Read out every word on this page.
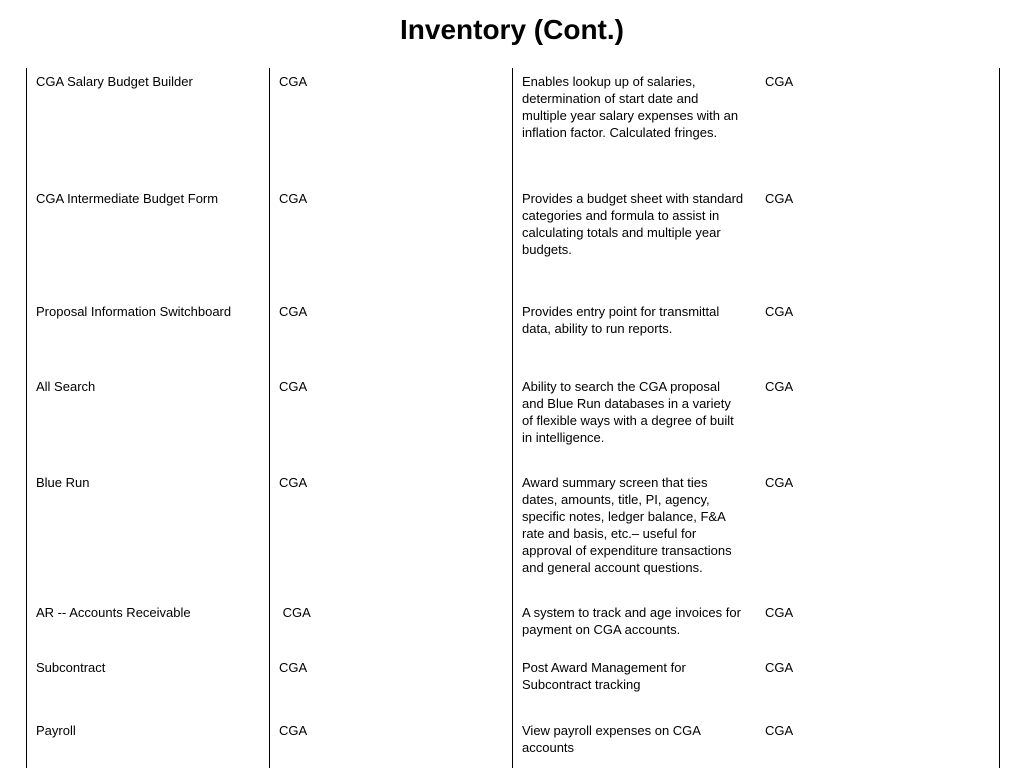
Inventory (Cont.)
CGA Salary Budget Builder	CGA	Enables lookup up of salaries, determination of start date and multiple year salary expenses with an inflation factor. Calculated fringes.	CGA
CGA Intermediate Budget Form	CGA	Provides a budget sheet with standard categories and formula to assist in calculating totals and multiple year budgets.	CGA
Proposal Information Switchboard	CGA	Provides entry point for transmittal data, ability to run reports.	CGA
All Search	CGA	Ability to search the CGA proposal and Blue Run databases in a variety of flexible ways with a degree of built in intelligence.	CGA
Blue Run	CGA	Award summary screen that ties dates, amounts, title, PI, agency, specific notes, ledger balance, F&A rate and basis, etc.– useful for approval of expenditure transactions and general account questions.	CGA
AR -- Accounts Receivable	CGA	A system to track and age invoices for payment on CGA accounts.	CGA
Subcontract	CGA	Post Award Management for Subcontract tracking	CGA
Payroll	CGA	View payroll expenses on CGA accounts	CGA
